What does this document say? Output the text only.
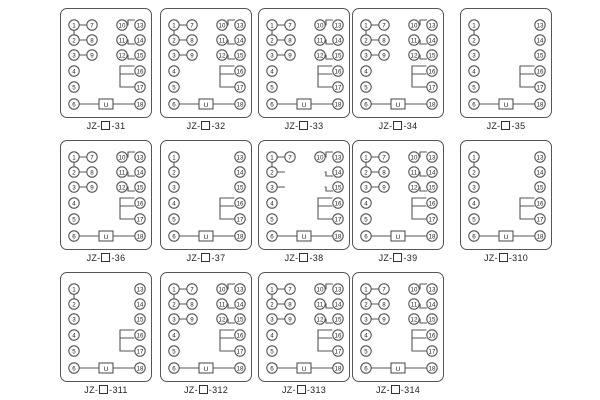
U
1
2
3
4
5
6
7
8
9
10
11
12
13
14
15
16
17
18
JZ- -31
U
1
2
3
4
5
6
7
8
9
10
11
12
13
14
15
16
17
18
JZ- -32
U
1
2
3
4
5
6
7
8
9
10
11
12
13
14
15
16
17
18
JZ- -33
U
1
2
3
4
5
6
7
8
9
10
11
12
13
14
15
16
17
18
JZ- -34
U
1
2
3
4
5
6
13
14
15
16
17
18
JZ- -35
U
1
2
3
4
5
6
7
8
9
10
11
12
13
14
15
16
17
18
JZ- -36
U
1
2
3
4
5
6
13
14
15
16
17
18
JZ- -37
U
1
2
3
4
5
6
7	10 13
14
15
16
17
18
JZ- -38
U
1
2
3
4
5
6
7
8
9
10
11
12
13
14
15
16
17
18
JZ- -39
U
1
2
3
4
5
6
13
14
15
16
17
18
JZ- -310
U
1
2
3
4
5
6
13
14
15
16
17
18
JZ- -311
U
1
2
3
4
5
6
7
8
9
10
11
12
13
14
15
16
17
18
JZ- -312
U
1
2
3
4
5
6
7
8
9
10
11
12
13
14
15
16
17
18
JZ- -313
U
1
2
3
4
5
6
7
8
9
10
11
12
13
14
15
16
17
18
JZ- -314
